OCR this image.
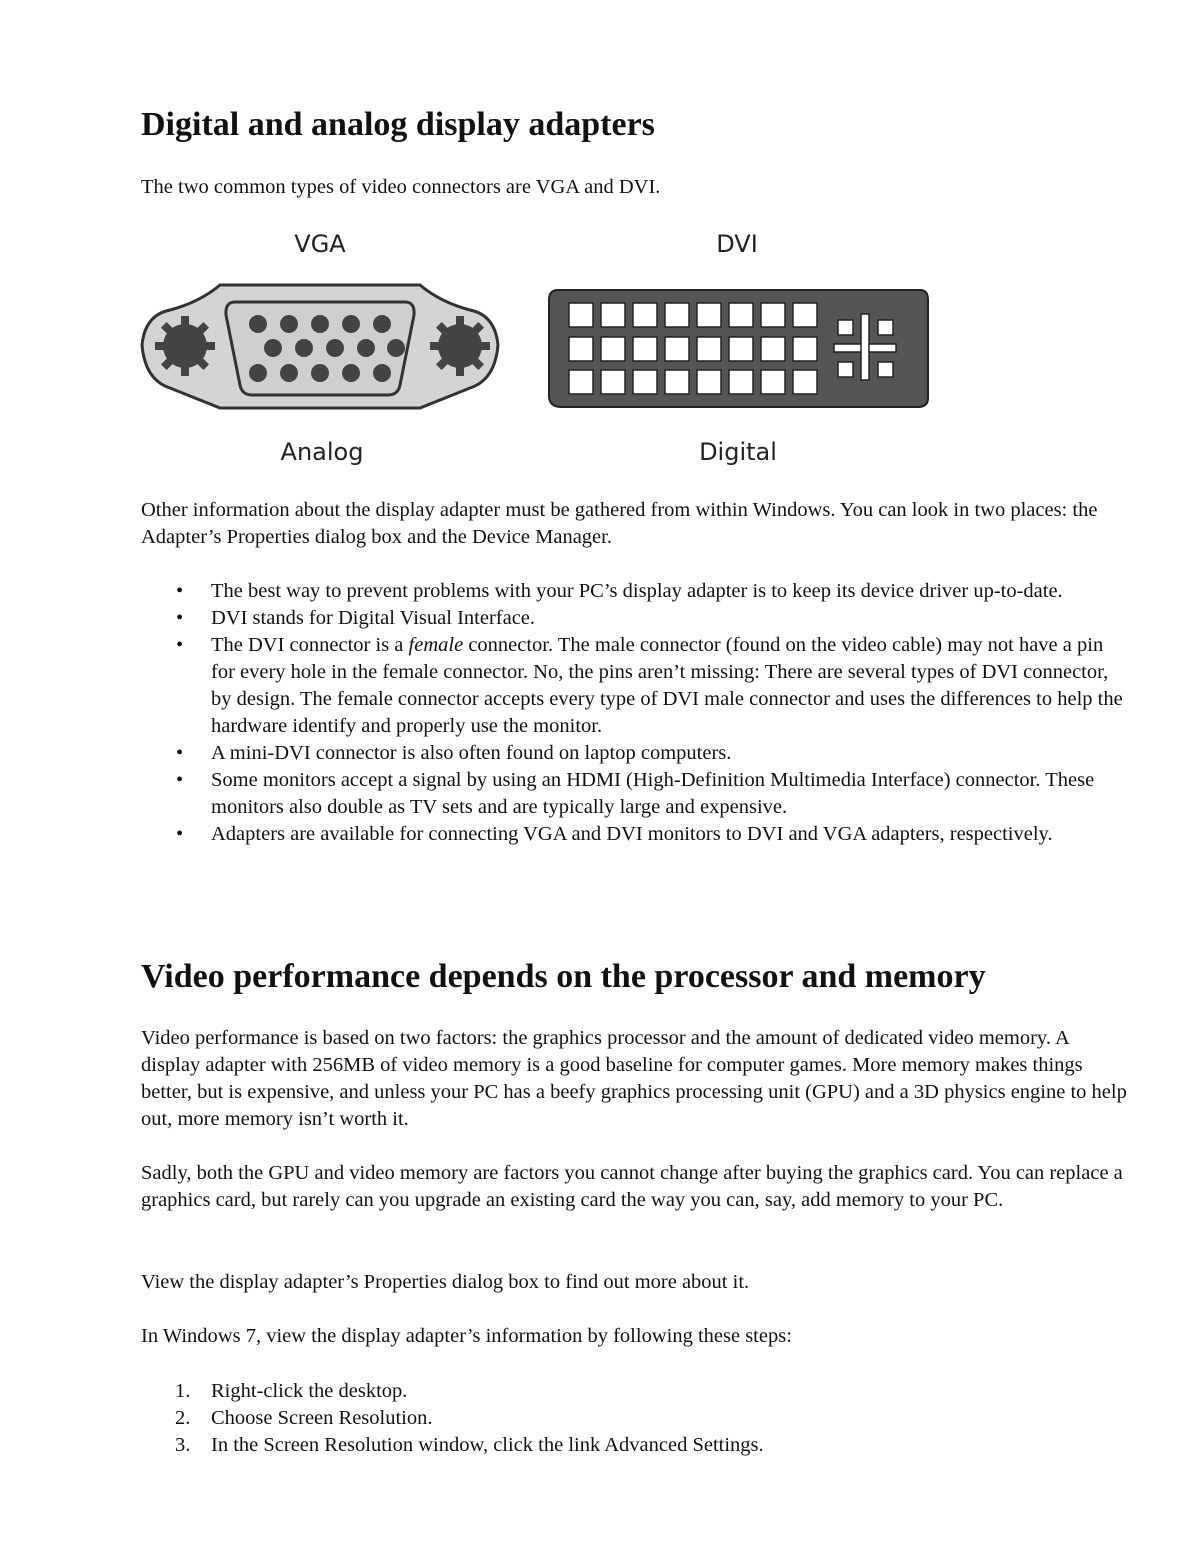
Digital and analog display adapters

The two common types of video connectors are VGA and DVI.

VGA	DVI
Analog	Digital

Other information about the display adapter must be gathered from within Windows. You can look in two places: the Adapter’s Properties dialog box and the Device Manager.

• The best way to prevent problems with your PC’s display adapter is to keep its device driver up-to-date.
• DVI stands for Digital Visual Interface.
• The DVI connector is a female connector. The male connector (found on the video cable) may not have a pin for every hole in the female connector. No, the pins aren’t missing: There are several types of DVI connector, by design. The female connector accepts every type of DVI male connector and uses the differences to help the hardware identify and properly use the monitor.
• A mini-DVI connector is also often found on laptop computers.
• Some monitors accept a signal by using an HDMI (High-Definition Multimedia Interface) connector. These monitors also double as TV sets and are typically large and expensive.
• Adapters are available for connecting VGA and DVI monitors to DVI and VGA adapters, respectively.
Video performance depends on the processor and memory

Video performance is based on two factors: the graphics processor and the amount of dedicated video memory. A display adapter with 256MB of video memory is a good baseline for computer games. More memory makes things better, but is expensive, and unless your PC has a beefy graphics processing unit (GPU) and a 3D physics engine to help out, more memory isn’t worth it.

Sadly, both the GPU and video memory are factors you cannot change after buying the graphics card. You can replace a graphics card, but rarely can you upgrade an existing card the way you can, say, add memory to your PC.

View the display adapter’s Properties dialog box to find out more about it.

In Windows 7, view the display adapter’s information by following these steps:

1. Right-click the desktop.
2. Choose Screen Resolution.
3. In the Screen Resolution window, click the link Advanced Settings.
